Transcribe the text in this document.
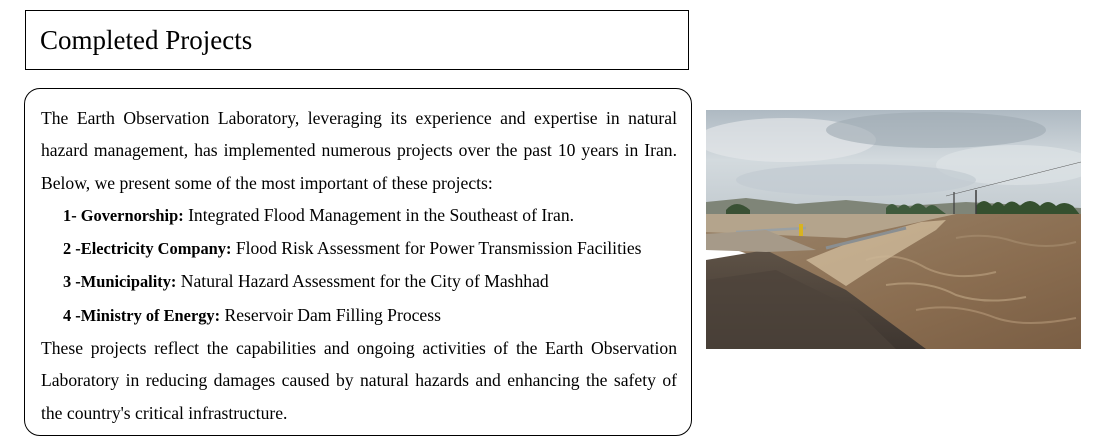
Completed Projects

The Earth Observation Laboratory, leveraging its experience and expertise in natural hazard management, has implemented numerous projects over the past 10 years in Iran. Below, we present some of the most important of these projects:

1- Governorship: Integrated Flood Management in the Southeast of Iran.
2 -Electricity Company: Flood Risk Assessment for Power Transmission Facilities
3 -Municipality: Natural Hazard Assessment for the City of Mashhad
4 -Ministry of Energy: Reservoir Dam Filling Process

These projects reflect the capabilities and ongoing activities of the Earth Observation Laboratory in reducing damages caused by natural hazards and enhancing the safety of the country's critical infrastructure.
